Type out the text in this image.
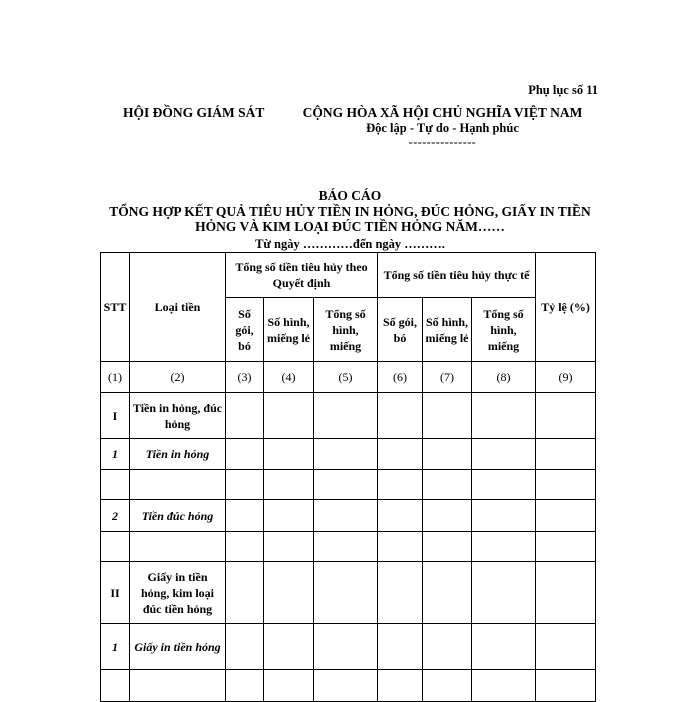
Phụ lục số 11
HỘI ĐỒNG GIÁM SÁT	CỘNG HÒA XÃ HỘI CHỦ NGHĨA VIỆT NAM
Độc lập - Tự do - Hạnh phúc
---------------
BÁO CÁO
TỔNG HỢP KẾT QUẢ TIÊU HỦY TIỀN IN HỎNG, ĐÚC HỎNG, GIẤY IN TIỀN
HỎNG VÀ KIM LOẠI ĐÚC TIỀN HỎNG NĂM……
Từ ngày …………đến ngày ……….
STT	Loại tiền	Tổng số tiền tiêu hủy theo Quyết định			Tổng số tiền tiêu hủy thực tế			Tỷ lệ (%)
		Số gói, bó	Số hình, miếng lẻ	Tổng số hình, miếng	Số gói, bó	Số hình, miếng lẻ	Tổng số hình, miếng	
(1)	(2)	(3)	(4)	(5)	(6)	(7)	(8)	(9)
I	Tiền in hỏng, đúc hỏng							
1	Tiền in hỏng							

2	Tiền đúc hỏng							

II	Giấy in tiền hỏng, kim loại đúc tiền hỏng							
1	Giấy in tiền hỏng							
